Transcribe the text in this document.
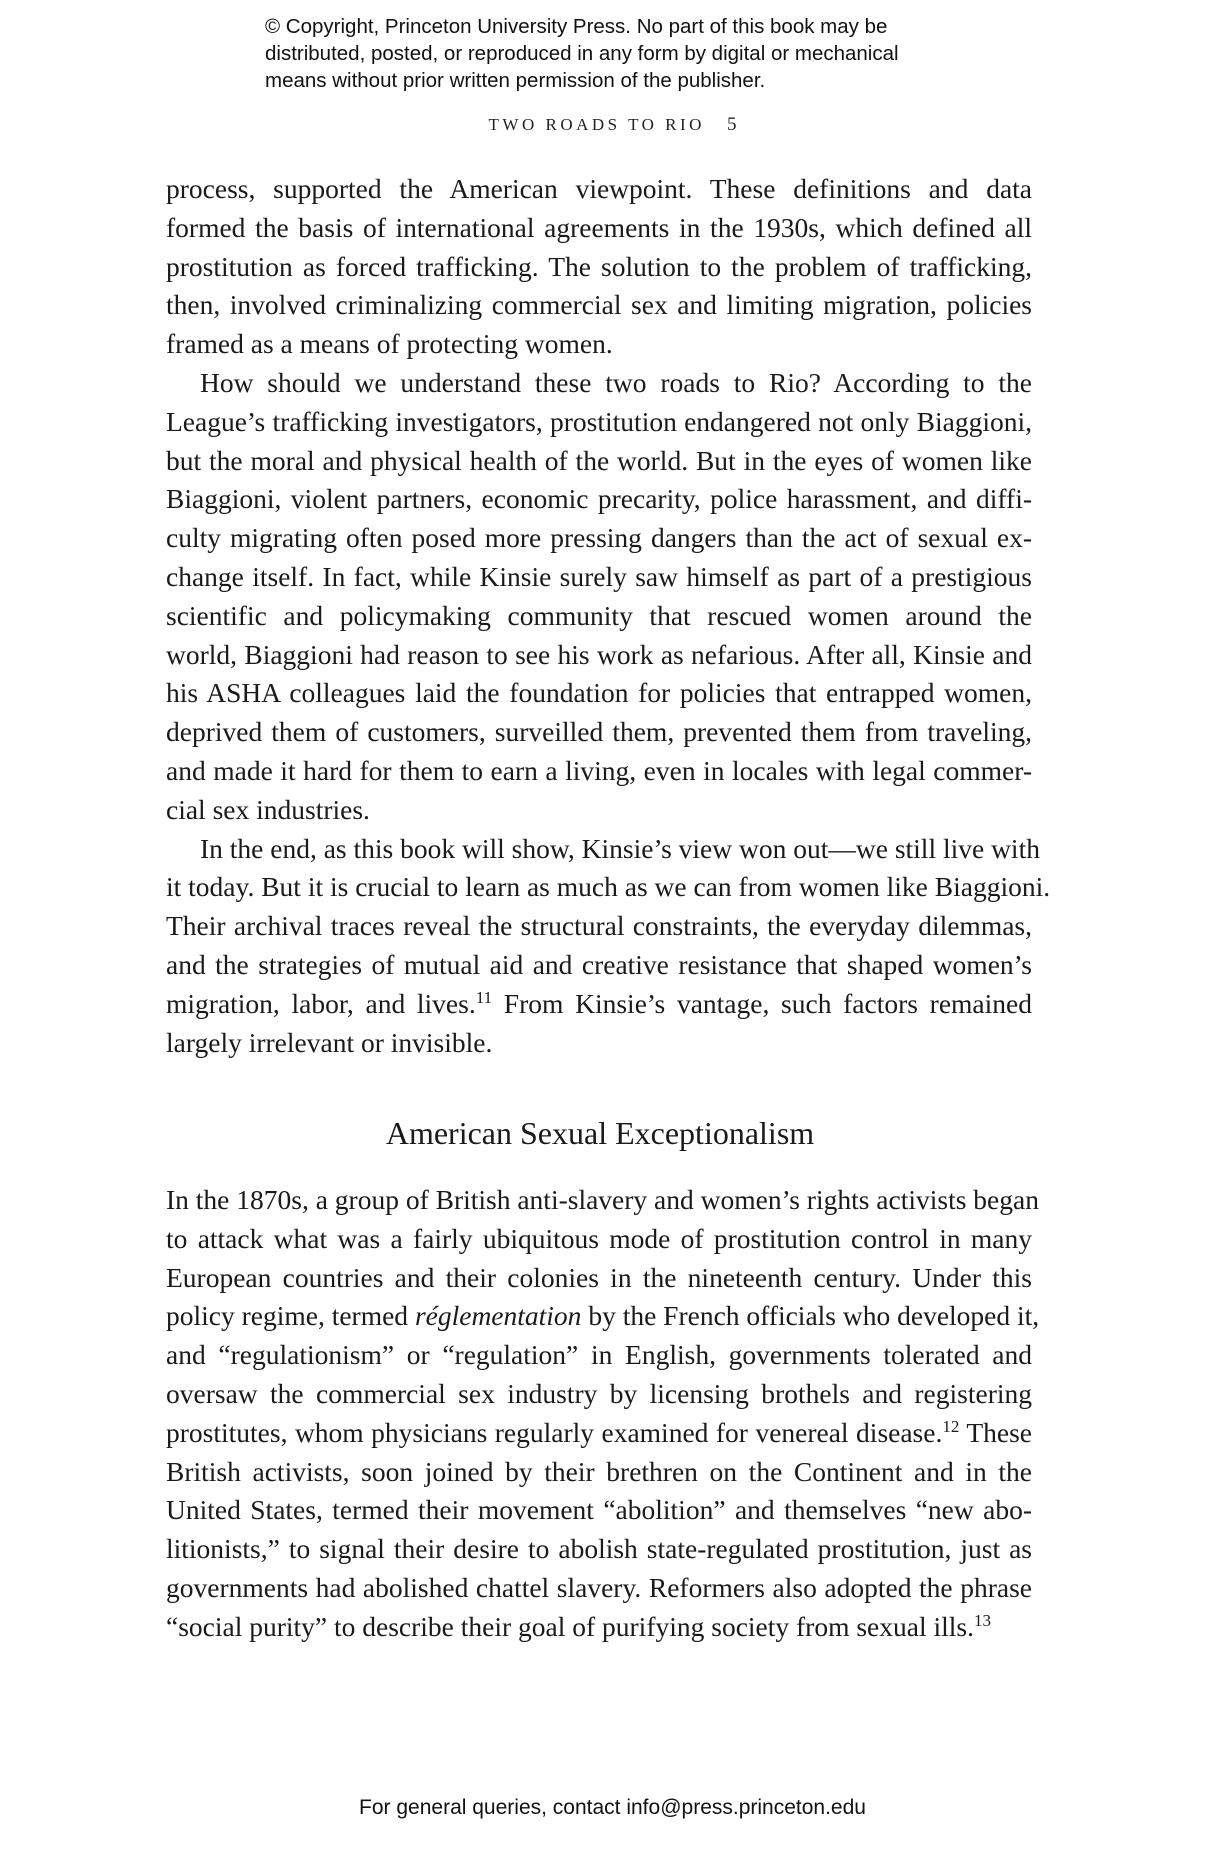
© Copyright, Princeton University Press. No part of this book may be
distributed, posted, or reproduced in any form by digital or mechanical
means without prior written permission of the publisher.
TWO ROADS TO RIO 5
process, supported the American viewpoint. These definitions and data
formed the basis of international agreements in the 1930s, which defined all
prostitution as forced trafficking. The solution to the problem of trafficking,
then, involved criminalizing commercial sex and limiting migration, policies
framed as a means of protecting women.
How should we understand these two roads to Rio? According to the
League’s trafficking investigators, prostitution endangered not only Biaggioni,
but the moral and physical health of the world. But in the eyes of women like
Biaggioni, violent partners, economic precarity, police harassment, and diffi-
culty migrating often posed more pressing dangers than the act of sexual ex-
change itself. In fact, while Kinsie surely saw himself as part of a prestigious
scientific and policymaking community that rescued women around the
world, Biaggioni had reason to see his work as nefarious. After all, Kinsie and
his ASHA colleagues laid the foundation for policies that entrapped women,
deprived them of customers, surveilled them, prevented them from traveling,
and made it hard for them to earn a living, even in locales with legal commer-
cial sex industries.
In the end, as this book will show, Kinsie’s view won out—we still live with
it today. But it is crucial to learn as much as we can from women like Biaggioni.
Their archival traces reveal the structural constraints, the everyday dilemmas,
and the strategies of mutual aid and creative resistance that shaped women’s
migration, labor, and lives.$^{11}$ From Kinsie’s vantage, such factors remained
largely irrelevant or invisible.
American Sexual Exceptionalism
In the 1870s, a group of British anti-slavery and women’s rights activists began
to attack what was a fairly ubiquitous mode of prostitution control in many
European countries and their colonies in the nineteenth century. Under this
policy regime, termed réglementation by the French officials who developed it,
and “regulationism” or “regulation” in English, governments tolerated and
oversaw the commercial sex industry by licensing brothels and registering
prostitutes, whom physicians regularly examined for venereal disease.$^{12}$ These
British activists, soon joined by their brethren on the Continent and in the
United States, termed their movement “abolition” and themselves “new abo-
litionists,” to signal their desire to abolish state-regulated prostitution, just as
governments had abolished chattel slavery. Reformers also adopted the phrase
“social purity” to describe their goal of purifying society from sexual ills.$^{13}$
For general queries, contact info@press.princeton.edu
